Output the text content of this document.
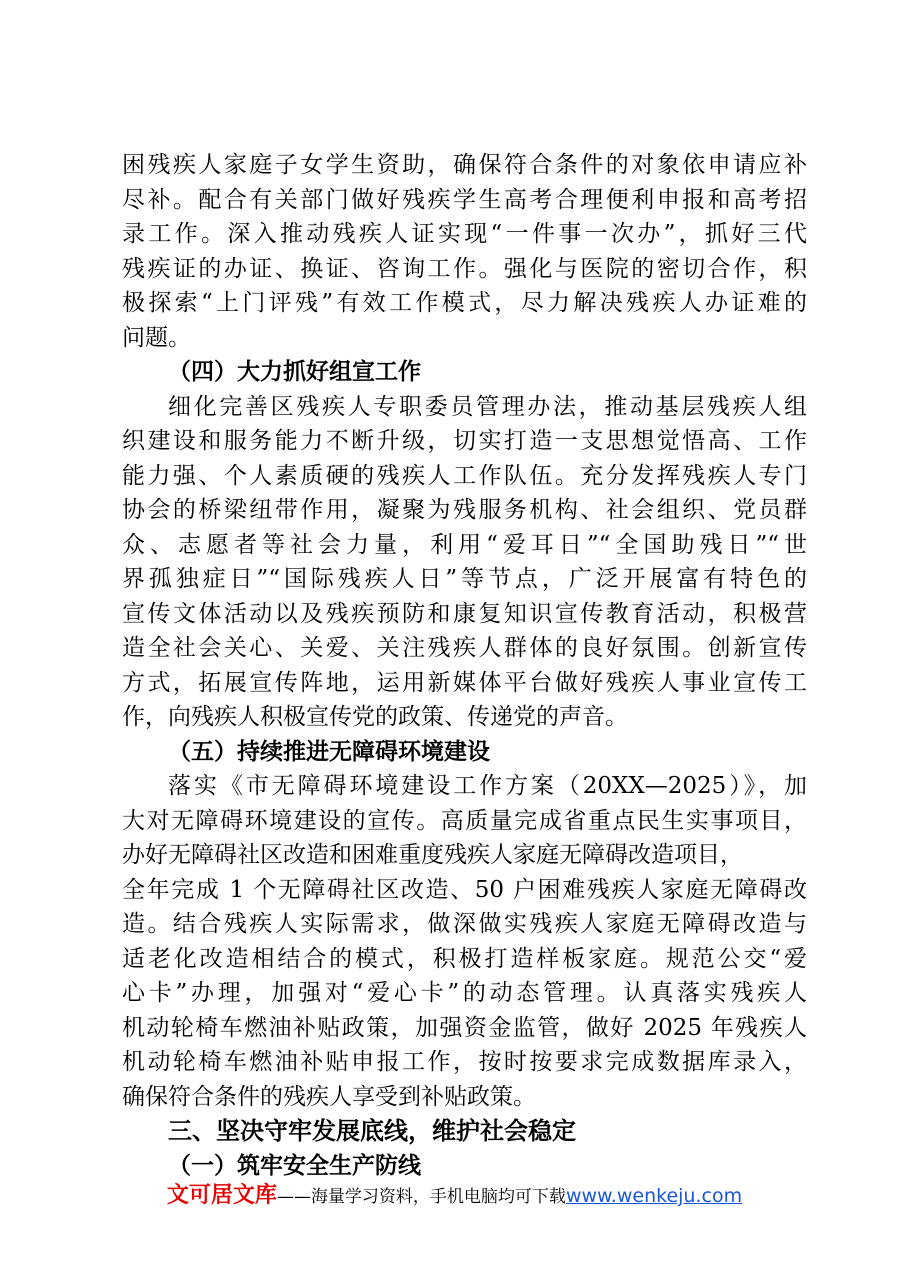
困残疾人家庭子女学生资助，确保符合条件的对象依申请应补
尽补。配合有关部门做好残疾学生高考合理便利申报和高考招
录工作。深入推动残疾人证实现“一件事一次办”，抓好三代
残疾证的办证、换证、咨询工作。强化与医院的密切合作，积
极探索“上门评残”有效工作模式，尽力解决残疾人办证难的
问题。
（四）大力抓好组宣工作
细化完善区残疾人专职委员管理办法，推动基层残疾人组
织建设和服务能力不断升级，切实打造一支思想觉悟高、工作
能力强、个人素质硬的残疾人工作队伍。充分发挥残疾人专门
协会的桥梁纽带作用，凝聚为残服务机构、社会组织、党员群
众、志愿者等社会力量，利用“爱耳日”“全国助残日”“世
界孤独症日”“国际残疾人日”等节点，广泛开展富有特色的
宣传文体活动以及残疾预防和康复知识宣传教育活动，积极营
造全社会关心、关爱、关注残疾人群体的良好氛围。创新宣传
方式，拓展宣传阵地，运用新媒体平台做好残疾人事业宣传工
作，向残疾人积极宣传党的政策、传递党的声音。
（五）持续推进无障碍环境建设
落实《市无障碍环境建设工作方案（20XX—2025）》，加
大对无障碍环境建设的宣传。高质量完成省重点民生实事项目，
办好无障碍社区改造和困难重度残疾人家庭无障碍改造项目，
全年完成 1 个无障碍社区改造、50 户困难残疾人家庭无障碍改
造。结合残疾人实际需求，做深做实残疾人家庭无障碍改造与
适老化改造相结合的模式，积极打造样板家庭。规范公交“爱
心卡”办理，加强对“爱心卡”的动态管理。认真落实残疾人
机动轮椅车燃油补贴政策，加强资金监管，做好 2025 年残疾人
机动轮椅车燃油补贴申报工作，按时按要求完成数据库录入，
确保符合条件的残疾人享受到补贴政策。
三、坚决守牢发展底线，维护社会稳定
（一）筑牢安全生产防线
文可居文库——海量学习资料，手机电脑均可下载www.wenkeju.com
